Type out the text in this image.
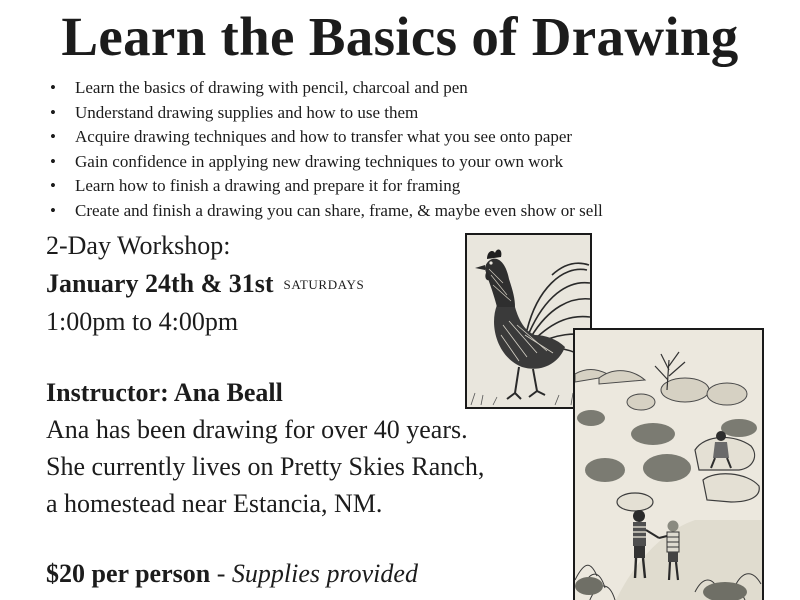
Learn the Basics of Drawing
• Learn the basics of drawing with pencil, charcoal and pen
• Understand drawing supplies and how to use them
• Acquire drawing techniques and how to transfer what you see onto paper
• Gain confidence in applying new drawing techniques to your own work
• Learn how to finish a drawing and prepare it for framing
• Create and finish a drawing you can share, frame, & maybe even show or sell
2-Day Workshop:
January 24th & 31st SATURDAYS
1:00pm to 4:00pm
Instructor: Ana Beall
Ana has been drawing for over 40 years.
She currently lives on Pretty Skies Ranch,
a homestead near Estancia, NM.
$20 per person - Supplies provided
